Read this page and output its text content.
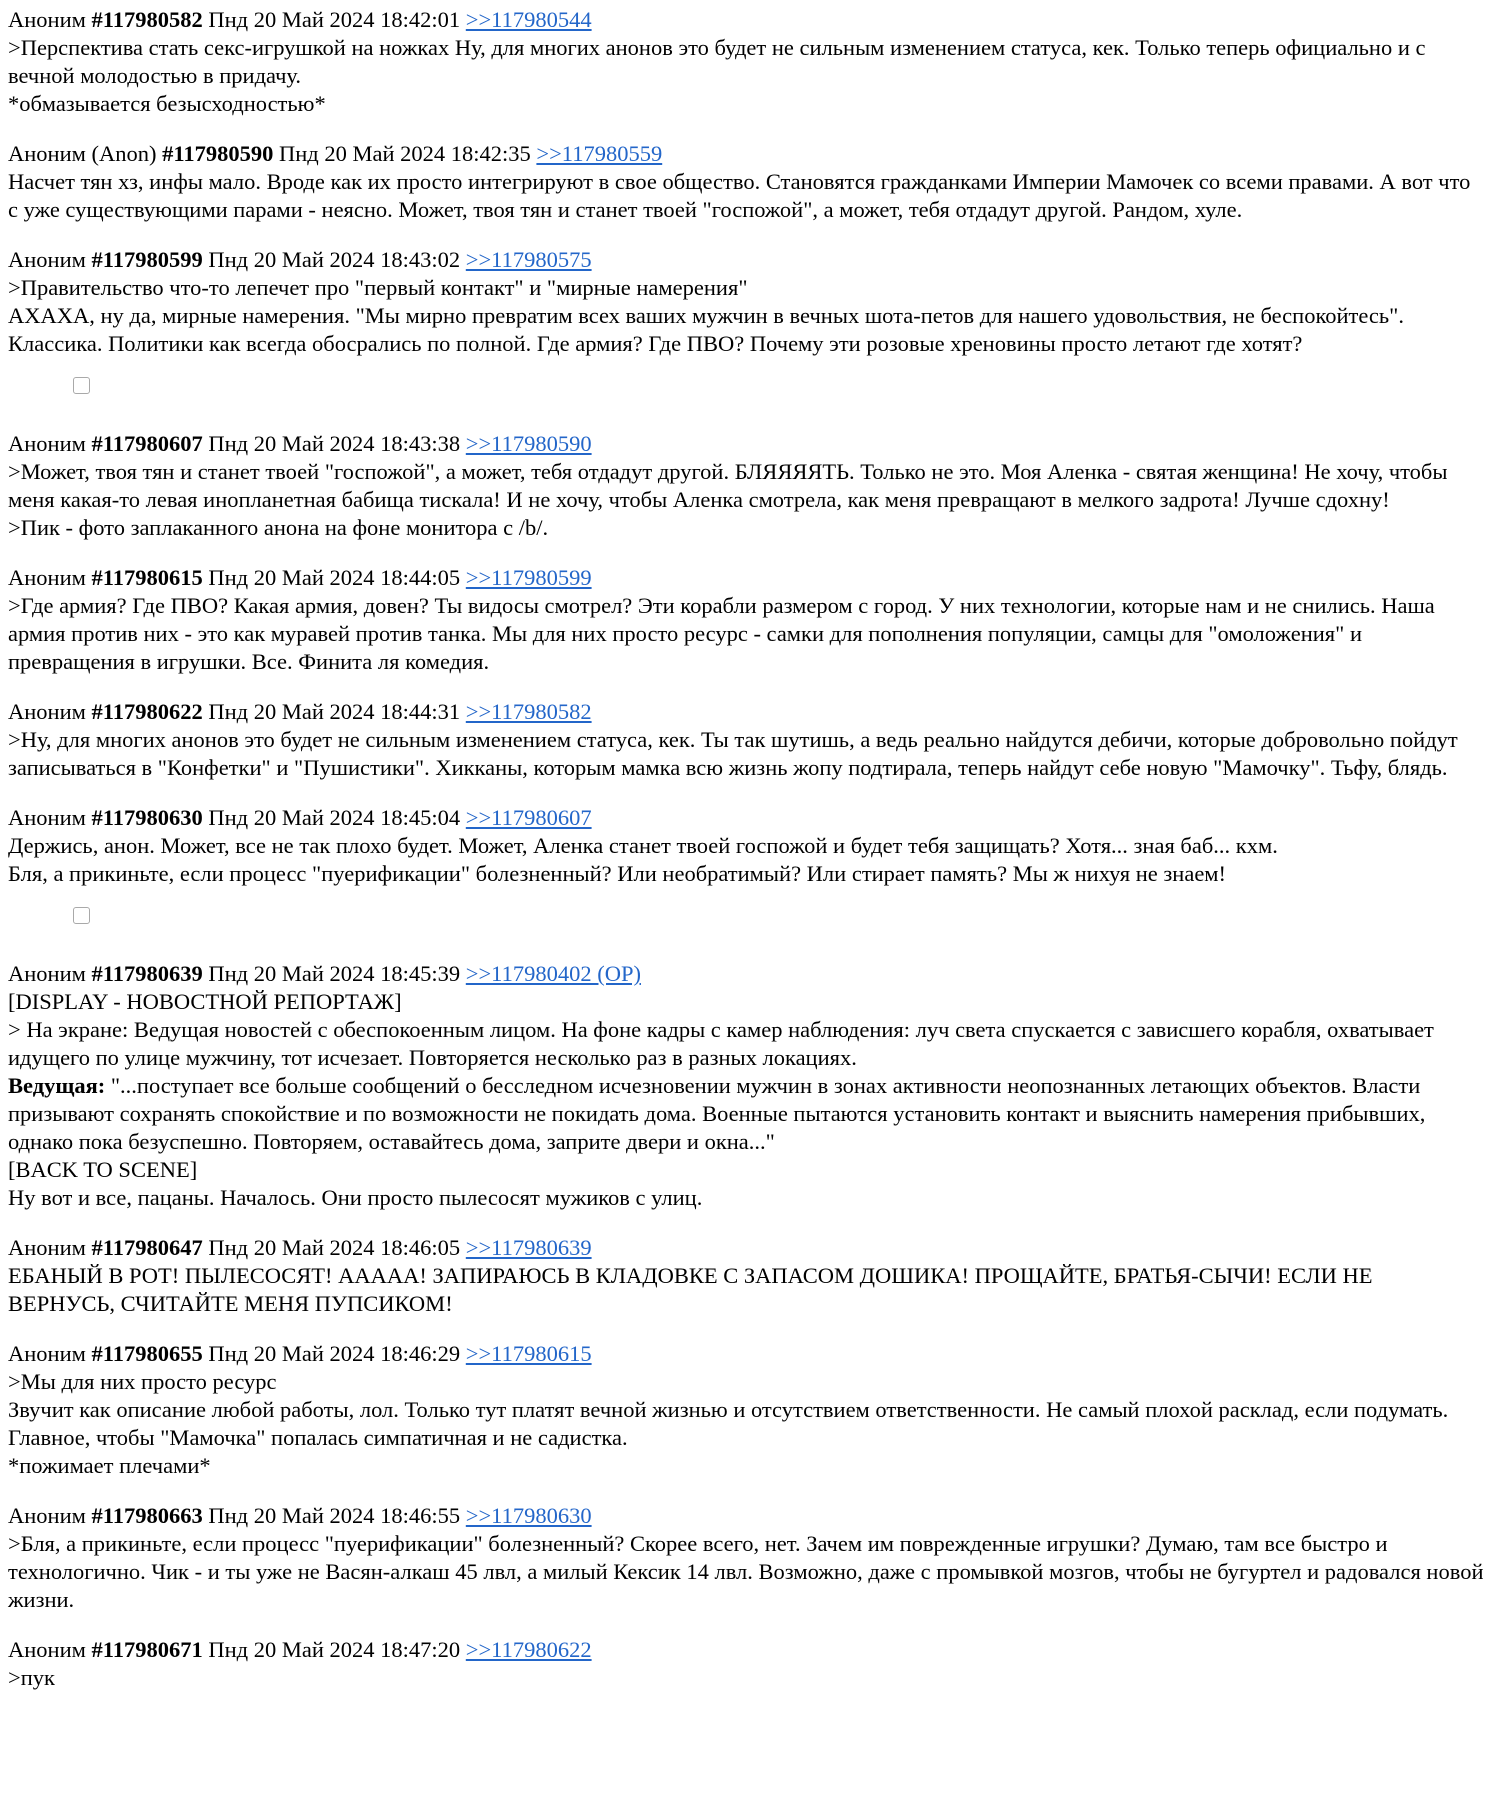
Аноним #117980582 Пнд 20 Май 2024 18:42:01 >>117980544
>Перспектива стать секс-игрушкой на ножках Ну, для многих анонов это будет не сильным изменением статуса, кек. Только теперь официально и с вечной молодостью в придачу.
*обмазывается безысходностью*
Аноним (Anon) #117980590 Пнд 20 Май 2024 18:42:35 >>117980559
Насчет тян хз, инфы мало. Вроде как их просто интегрируют в свое общество. Становятся гражданками Империи Мамочек со всеми правами. А вот что с уже существующими парами - неясно. Может, твоя тян и станет твоей "госпожой", а может, тебя отдадут другой. Рандом, хуле.
Аноним #117980599 Пнд 20 Май 2024 18:43:02 >>117980575
>Правительство что-то лепечет про "первый контакт" и "мирные намерения"
АХАХА, ну да, мирные намерения. "Мы мирно превратим всех ваших мужчин в вечных шота-петов для нашего удовольствия, не беспокойтесь". Классика. Политики как всегда обосрались по полной. Где армия? Где ПВО? Почему эти розовые хреновины просто летают где хотят?
Аноним #117980607 Пнд 20 Май 2024 18:43:38 >>117980590
>Может, твоя тян и станет твоей "госпожой", а может, тебя отдадут другой. БЛЯЯЯЯТЬ. Только не это. Моя Аленка - святая женщина! Не хочу, чтобы меня какая-то левая инопланетная бабища тискала! И не хочу, чтобы Аленка смотрела, как меня превращают в мелкого задрота! Лучше сдохну!
>Пик - фото заплаканного анона на фоне монитора с /b/.
Аноним #117980615 Пнд 20 Май 2024 18:44:05 >>117980599
>Где армия? Где ПВО? Какая армия, довен? Ты видосы смотрел? Эти корабли размером с город. У них технологии, которые нам и не снились. Наша армия против них - это как муравей против танка. Мы для них просто ресурс - самки для пополнения популяции, самцы для "омоложения" и превращения в игрушки. Все. Финита ля комедия.
Аноним #117980622 Пнд 20 Май 2024 18:44:31 >>117980582
>Ну, для многих анонов это будет не сильным изменением статуса, кек. Ты так шутишь, а ведь реально найдутся дебичи, которые добровольно пойдут записываться в "Конфетки" и "Пушистики". Хикканы, которым мамка всю жизнь жопу подтирала, теперь найдут себе новую "Мамочку". Тьфу, блядь.
Аноним #117980630 Пнд 20 Май 2024 18:45:04 >>117980607
Держись, анон. Может, все не так плохо будет. Может, Аленка станет твоей госпожой и будет тебя защищать? Хотя... зная баб... кхм.
Бля, а прикиньте, если процесс "пуерификации" болезненный? Или необратимый? Или стирает память? Мы ж нихуя не знаем!
Аноним #117980639 Пнд 20 Май 2024 18:45:39 >>117980402 (OP)
[DISPLAY - НОВОСТНОЙ РЕПОРТАЖ]
> На экране: Ведущая новостей с обеспокоенным лицом. На фоне кадры с камер наблюдения: луч света спускается с зависшего корабля, охватывает идущего по улице мужчину, тот исчезает. Повторяется несколько раз в разных локациях.
Ведущая: "...поступает все больше сообщений о бесследном исчезновении мужчин в зонах активности неопознанных летающих объектов. Власти призывают сохранять спокойствие и по возможности не покидать дома. Военные пытаются установить контакт и выяснить намерения прибывших, однако пока безуспешно. Повторяем, оставайтесь дома, заприте двери и окна..."
[BACK TO SCENE]
Ну вот и все, пацаны. Началось. Они просто пылесосят мужиков с улиц.
Аноним #117980647 Пнд 20 Май 2024 18:46:05 >>117980639
ЕБАНЫЙ В РОТ! ПЫЛЕСОСЯТ! ААААА! ЗАПИРАЮСЬ В КЛАДОВКЕ С ЗАПАСОМ ДОШИКА! ПРОЩАЙТЕ, БРАТЬЯ-СЫЧИ! ЕСЛИ НЕ ВЕРНУСЬ, СЧИТАЙТЕ МЕНЯ ПУПСИКОМ!
Аноним #117980655 Пнд 20 Май 2024 18:46:29 >>117980615
>Мы для них просто ресурс
Звучит как описание любой работы, лол. Только тут платят вечной жизнью и отсутствием ответственности. Не самый плохой расклад, если подумать. Главное, чтобы "Мамочка" попалась симпатичная и не садистка.
*пожимает плечами*
Аноним #117980663 Пнд 20 Май 2024 18:46:55 >>117980630
>Бля, а прикиньте, если процесс "пуерификации" болезненный? Скорее всего, нет. Зачем им поврежденные игрушки? Думаю, там все быстро и технологично. Чик - и ты уже не Васян-алкаш 45 лвл, а милый Кексик 14 лвл. Возможно, даже с промывкой мозгов, чтобы не бугуртел и радовался новой жизни.
Аноним #117980671 Пнд 20 Май 2024 18:47:20 >>117980622
>пук
